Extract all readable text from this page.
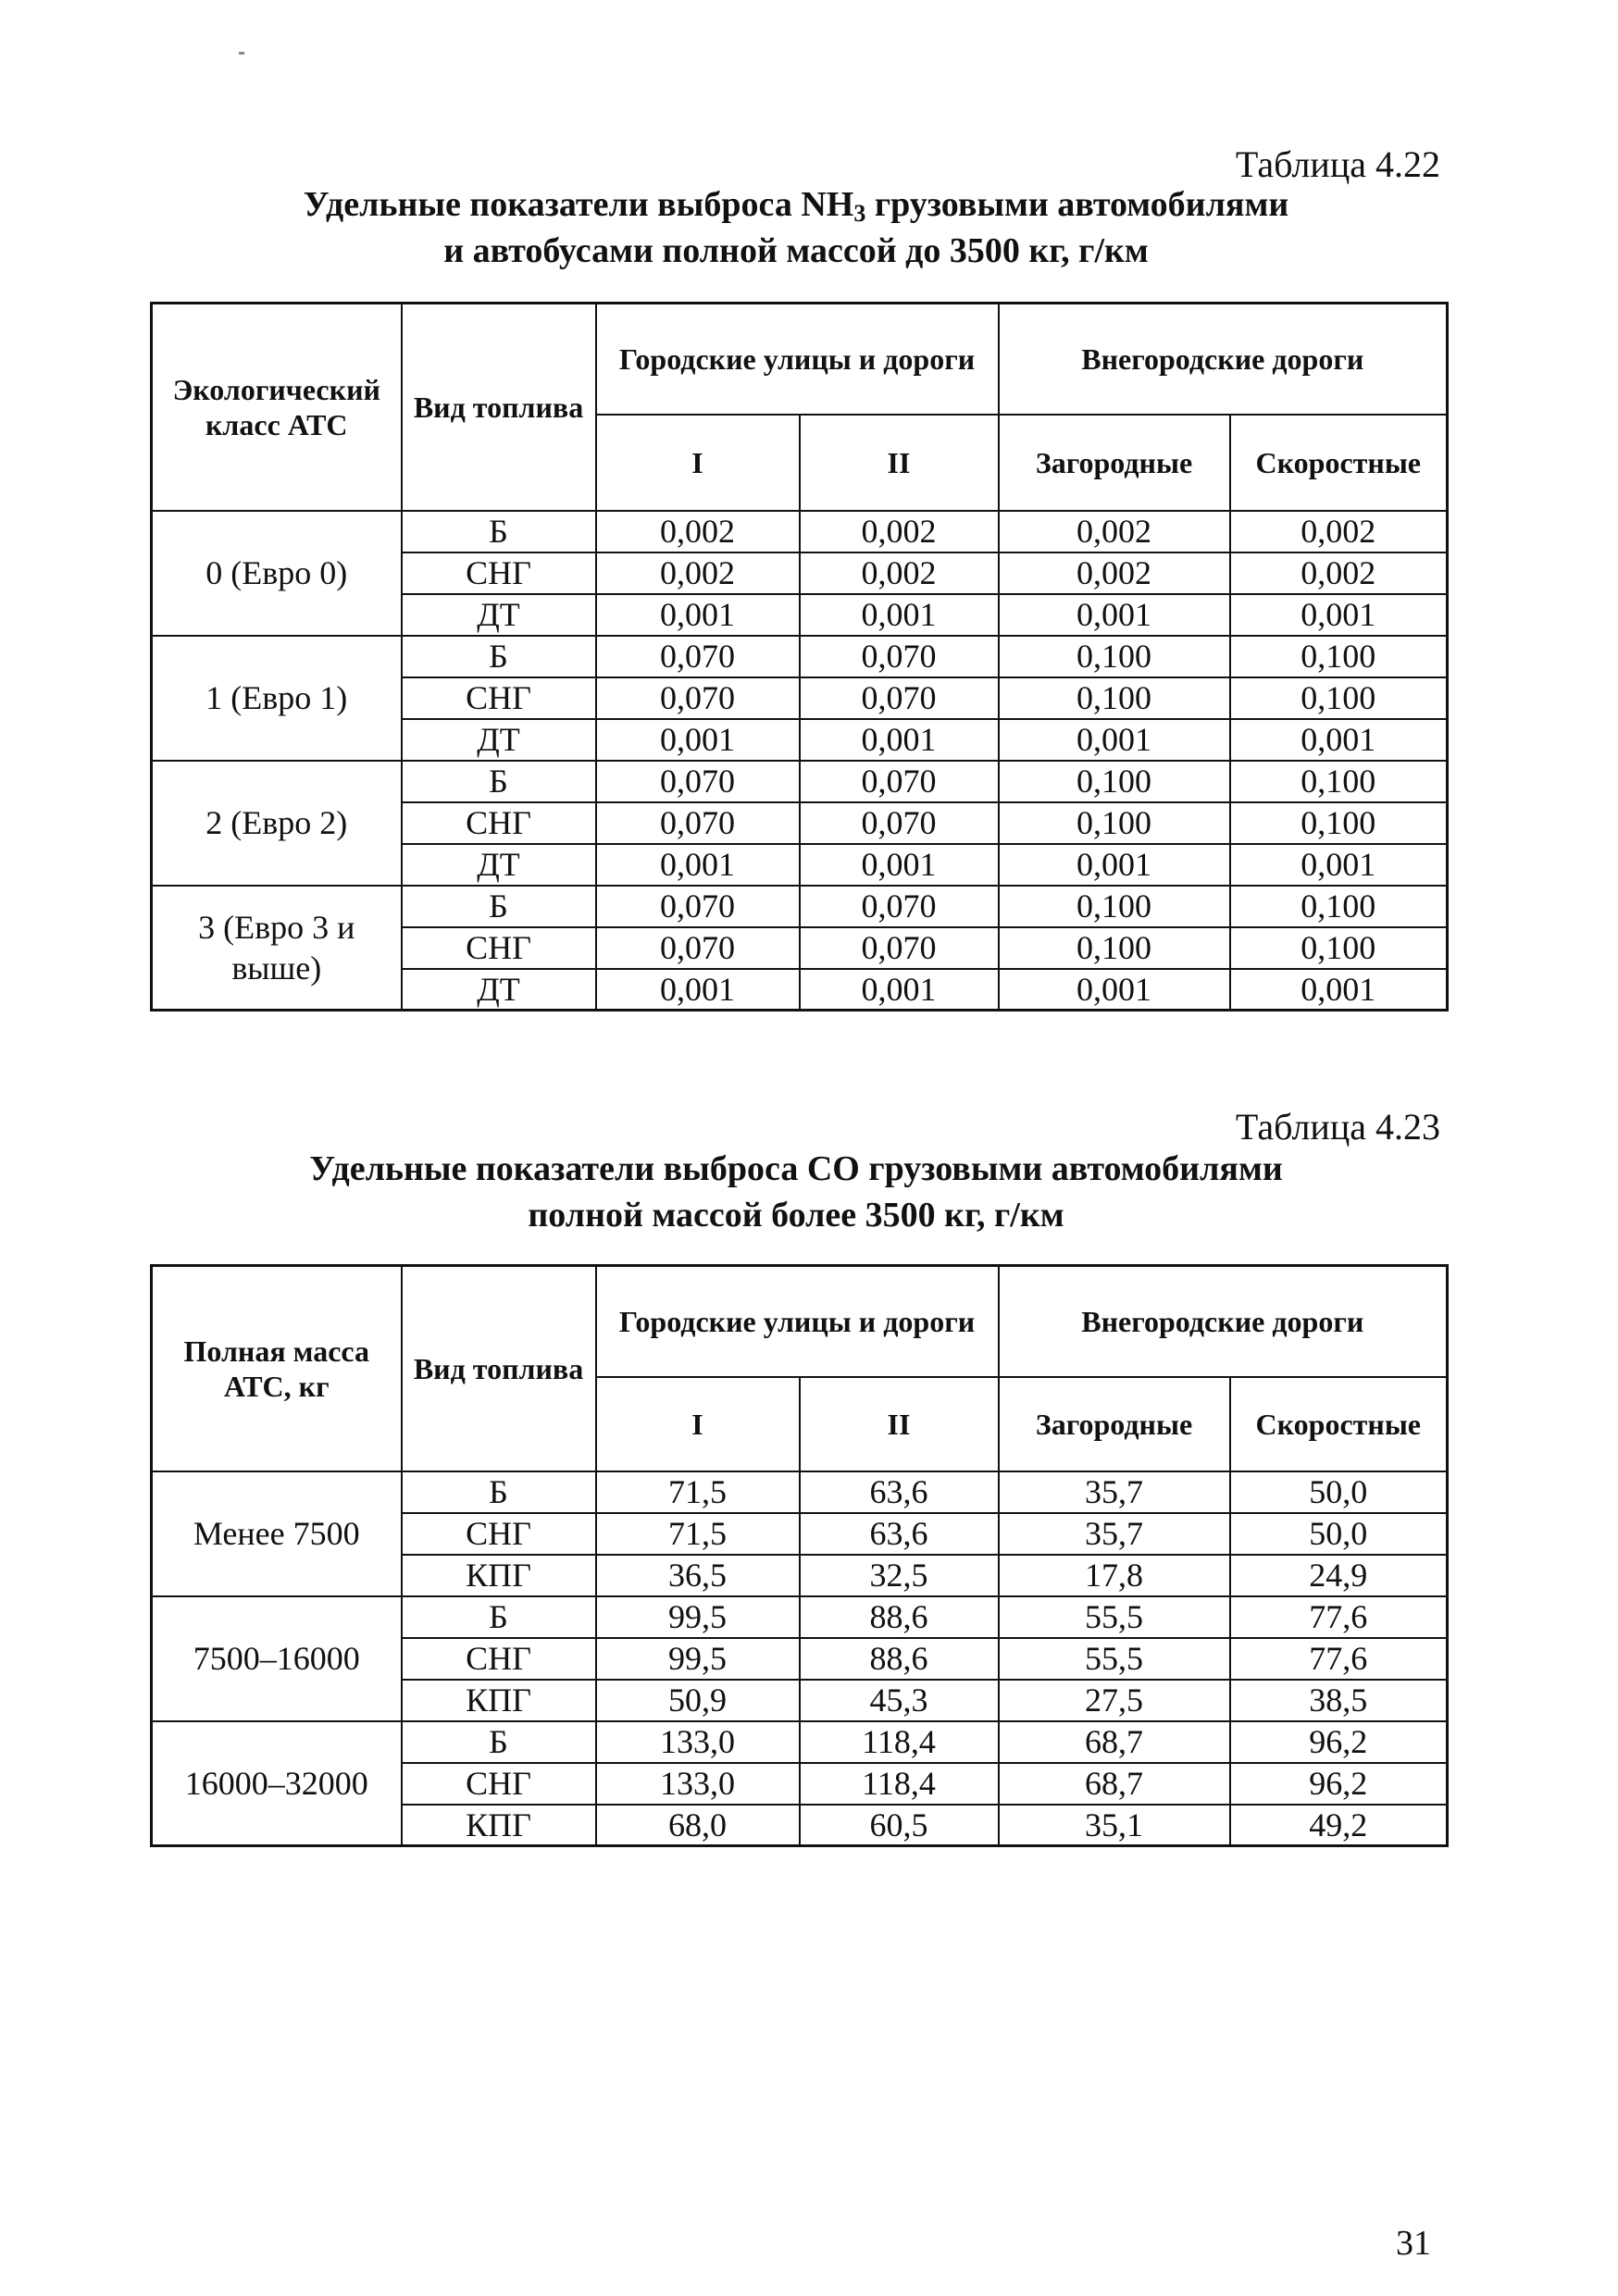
Таблица 4.22
Удельные показатели выброса $NH_3$ грузовыми автомобилями
и автобусами полной массой до 3500 кг, г/км
Экологический класс АТС	Вид топлива	Городские улицы и дороги		Внегородские дороги	
		I	II	Загородные	Скоростные
0 (Евро 0)	Б	0,002	0,002	0,002	0,002
	СНГ	0,002	0,002	0,002	0,002
	ДТ	0,001	0,001	0,001	0,001
1 (Евро 1)	Б	0,070	0,070	0,100	0,100
	СНГ	0,070	0,070	0,100	0,100
	ДТ	0,001	0,001	0,001	0,001
2 (Евро 2)	Б	0,070	0,070	0,100	0,100
	СНГ	0,070	0,070	0,100	0,100
	ДТ	0,001	0,001	0,001	0,001
3 (Евро 3 и выше)	Б	0,070	0,070	0,100	0,100
	СНГ	0,070	0,070	0,100	0,100
	ДТ	0,001	0,001	0,001	0,001
Таблица 4.23
Удельные показатели выброса СО грузовыми автомобилями
полной массой более 3500 кг, г/км
Полная масса АТС, кг	Вид топлива	Городские улицы и дороги		Внегородские дороги	
		I	II	Загородные	Скоростные
Менее 7500	Б	71,5	63,6	35,7	50,0
	СНГ	71,5	63,6	35,7	50,0
	КПГ	36,5	32,5	17,8	24,9
7500–16000	Б	99,5	88,6	55,5	77,6
	СНГ	99,5	88,6	55,5	77,6
	КПГ	50,9	45,3	27,5	38,5
16000–32000	Б	133,0	118,4	68,7	96,2
	СНГ	133,0	118,4	68,7	96,2
	КПГ	68,0	60,5	35,1	49,2
31
